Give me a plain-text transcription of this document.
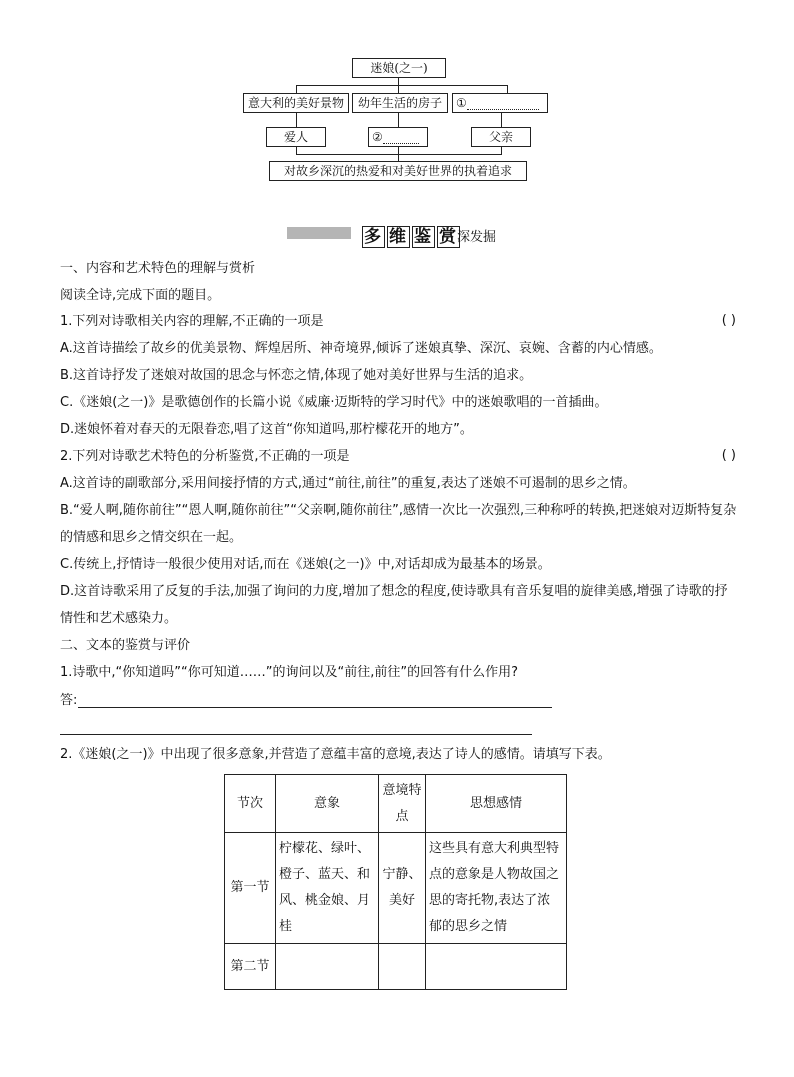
迷娘(之一)
意大利的美好景物	幼年生活的房子	①
爱人	②	父亲
对故乡深沉的热爱和对美好世界的执着追求
多 维 鉴 赏 深发掘
一、内容和艺术特色的理解与赏析
阅读全诗,完成下面的题目。
1.下列对诗歌相关内容的理解,不正确的一项是	( )
A.这首诗描绘了故乡的优美景物、辉煌居所、神奇境界,倾诉了迷娘真挚、深沉、哀婉、含蓄的内心情感。
B.这首诗抒发了迷娘对故国的思念与怀恋之情,体现了她对美好世界与生活的追求。
C.《迷娘(之一)》是歌德创作的长篇小说《威廉·迈斯特的学习时代》中的迷娘歌唱的一首插曲。
D.迷娘怀着对春天的无限眷恋,唱了这首“你知道吗,那柠檬花开的地方”。
2.下列对诗歌艺术特色的分析鉴赏,不正确的一项是	( )
A.这首诗的副歌部分,采用间接抒情的方式,通过“前往,前往”的重复,表达了迷娘不可遏制的思乡之情。
B.“爱人啊,随你前往”“恩人啊,随你前往”“父亲啊,随你前往”,感情一次比一次强烈,三种称呼的转换,把迷娘对迈斯特复杂的情感和思乡之情交织在一起。
C.传统上,抒情诗一般很少使用对话,而在《迷娘(之一)》中,对话却成为最基本的场景。
D.这首诗歌采用了反复的手法,加强了询问的力度,增加了想念的程度,使诗歌具有音乐复唱的旋律美感,增强了诗歌的抒情性和艺术感染力。
二、文本的鉴赏与评价
1.诗歌中,“你知道吗”“你可知道……”的询问以及“前往,前往”的回答有什么作用?
答:
2.《迷娘(之一)》中出现了很多意象,并营造了意蕴丰富的意境,表达了诗人的感情。请填写下表。
节次	意象	意境特点	思想感情
第一节	柠檬花、绿叶、橙子、蓝天、和风、桃金娘、月桂	宁静、美好	这些具有意大利典型特点的意象是人物故国之思的寄托物,表达了浓郁的思乡之情
第二节			
